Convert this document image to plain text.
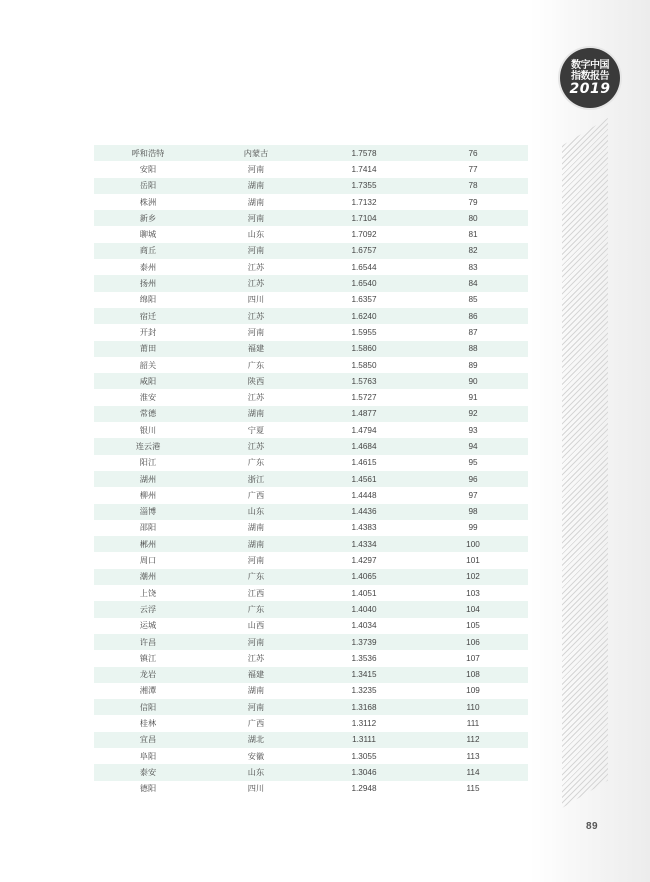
数字中国
指数报告
2019
呼和浩特	内蒙古	1.7578	76
安阳	河南	1.7414	77
岳阳	湖南	1.7355	78
株洲	湖南	1.7132	79
新乡	河南	1.7104	80
聊城	山东	1.7092	81
商丘	河南	1.6757	82
泰州	江苏	1.6544	83
扬州	江苏	1.6540	84
绵阳	四川	1.6357	85
宿迁	江苏	1.6240	86
开封	河南	1.5955	87
莆田	福建	1.5860	88
韶关	广东	1.5850	89
咸阳	陕西	1.5763	90
淮安	江苏	1.5727	91
常德	湖南	1.4877	92
银川	宁夏	1.4794	93
连云港	江苏	1.4684	94
阳江	广东	1.4615	95
湖州	浙江	1.4561	96
柳州	广西	1.4448	97
淄博	山东	1.4436	98
邵阳	湖南	1.4383	99
郴州	湖南	1.4334	100
周口	河南	1.4297	101
潮州	广东	1.4065	102
上饶	江西	1.4051	103
云浮	广东	1.4040	104
运城	山西	1.4034	105
许昌	河南	1.3739	106
镇江	江苏	1.3536	107
龙岩	福建	1.3415	108
湘潭	湖南	1.3235	109
信阳	河南	1.3168	110
桂林	广西	1.3112	111
宜昌	湖北	1.3111	112
阜阳	安徽	1.3055	113
泰安	山东	1.3046	114
德阳	四川	1.2948	115
89
